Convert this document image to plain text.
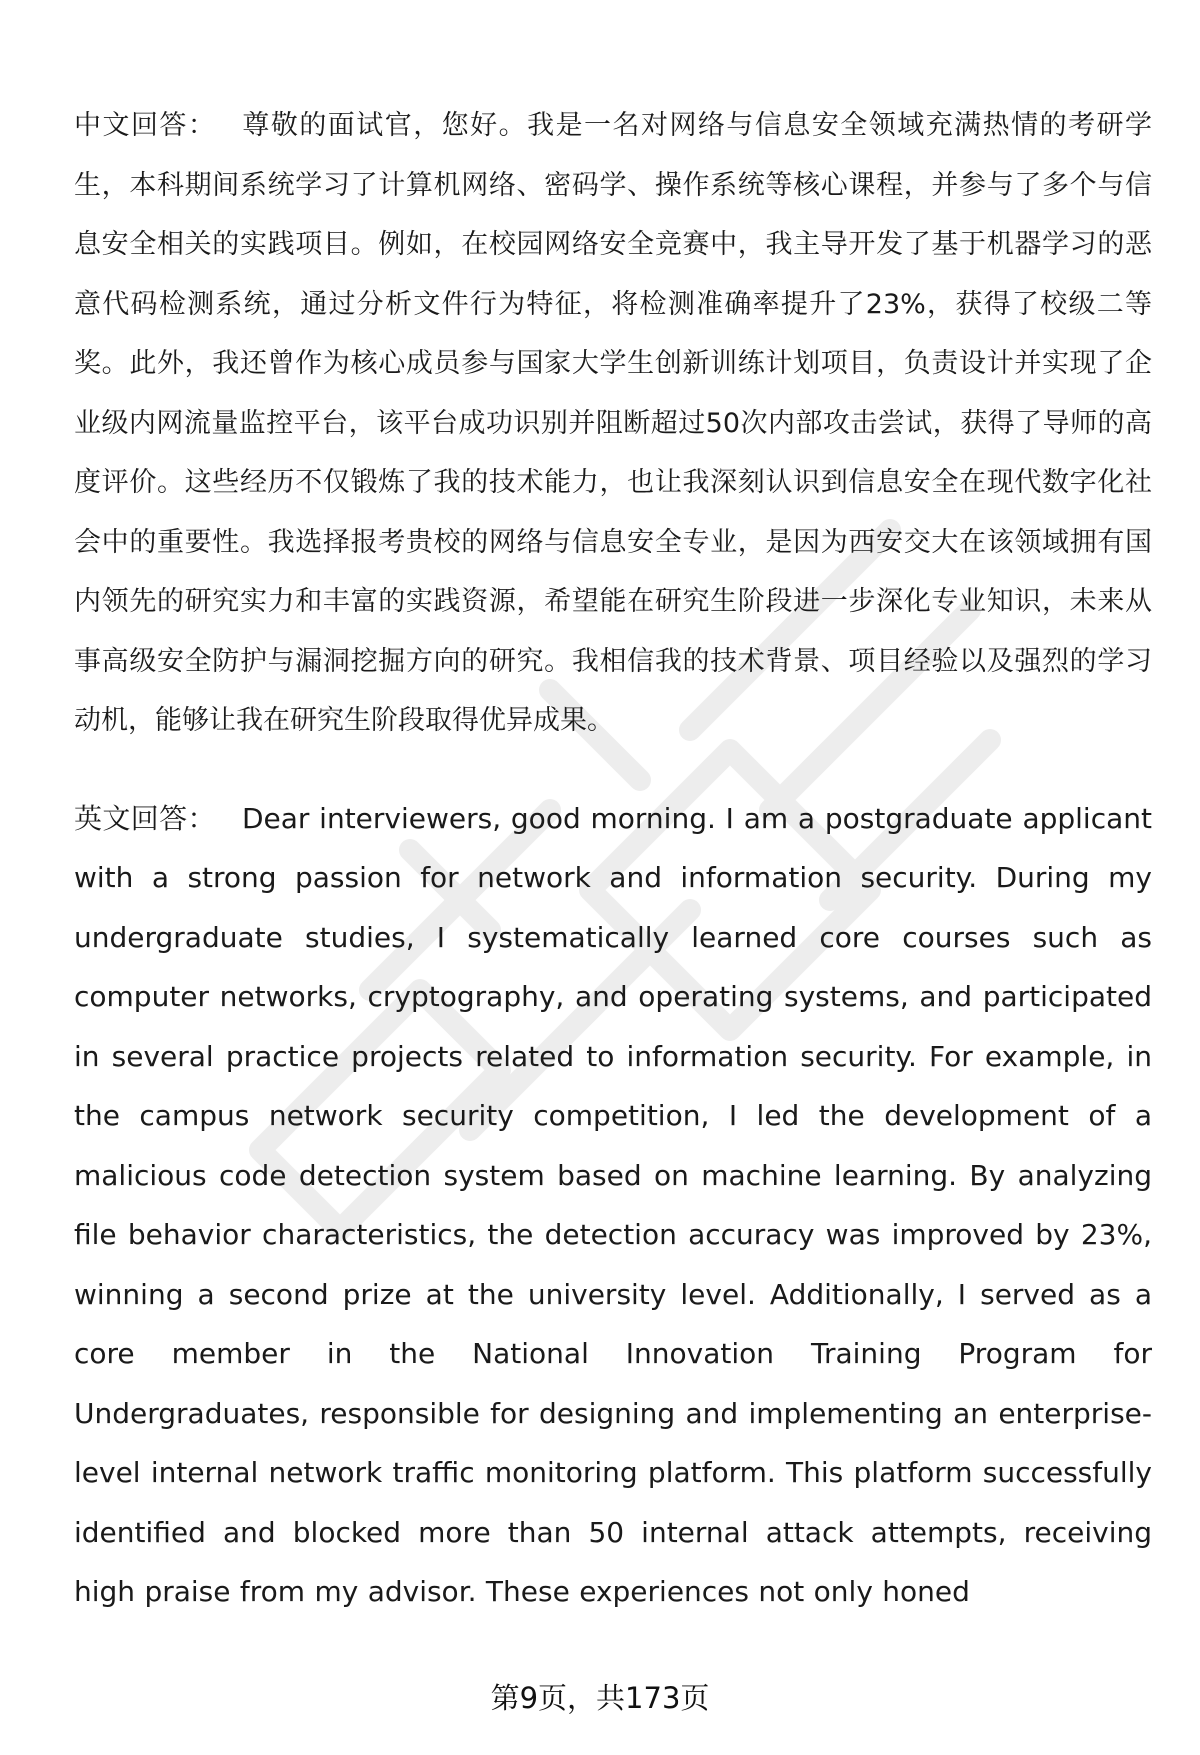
中文回答： 尊敬的面试官，您好。我是一名对网络与信息安全领域充满热情的考研学生，本科期间系统学习了计算机网络、密码学、操作系统等核心课程，并参与了多个与信息安全相关的实践项目。例如，在校园网络安全竞赛中，我主导开发了基于机器学习的恶意代码检测系统，通过分析文件行为特征，将检测准确率提升了23%，获得了校级二等奖。此外，我还曾作为核心成员参与国家大学生创新训练计划项目，负责设计并实现了企业级内网流量监控平台，该平台成功识别并阻断超过50次内部攻击尝试，获得了导师的高度评价。这些经历不仅锻炼了我的技术能力，也让我深刻认识到信息安全在现代数字化社会中的重要性。我选择报考贵校的网络与信息安全专业，是因为西安交大在该领域拥有国内领先的研究实力和丰富的实践资源，希望能在研究生阶段进一步深化专业知识，未来从事高级安全防护与漏洞挖掘方向的研究。我相信我的技术背景、项目经验以及强烈的学习动机，能够让我在研究生阶段取得优异成果。

英文回答： Dear interviewers, good morning. I am a postgraduate applicant with a strong passion for network and information security. During my undergraduate studies, I systematically learned core courses such as computer networks, cryptography, and operating systems, and participated in several practice projects related to information security. For example, in the campus network security competition, I led the development of a malicious code detection system based on machine learning. By analyzing file behavior characteristics, the detection accuracy was improved by 23%, winning a second prize at the university level. Additionally, I served as a core member in the National Innovation Training Program for Undergraduates, responsible for designing and implementing an enterprise-level internal network traffic monitoring platform. This platform successfully identified and blocked more than 50 internal attack attempts, receiving high praise from my advisor. These experiences not only honed

第9页，共173页
